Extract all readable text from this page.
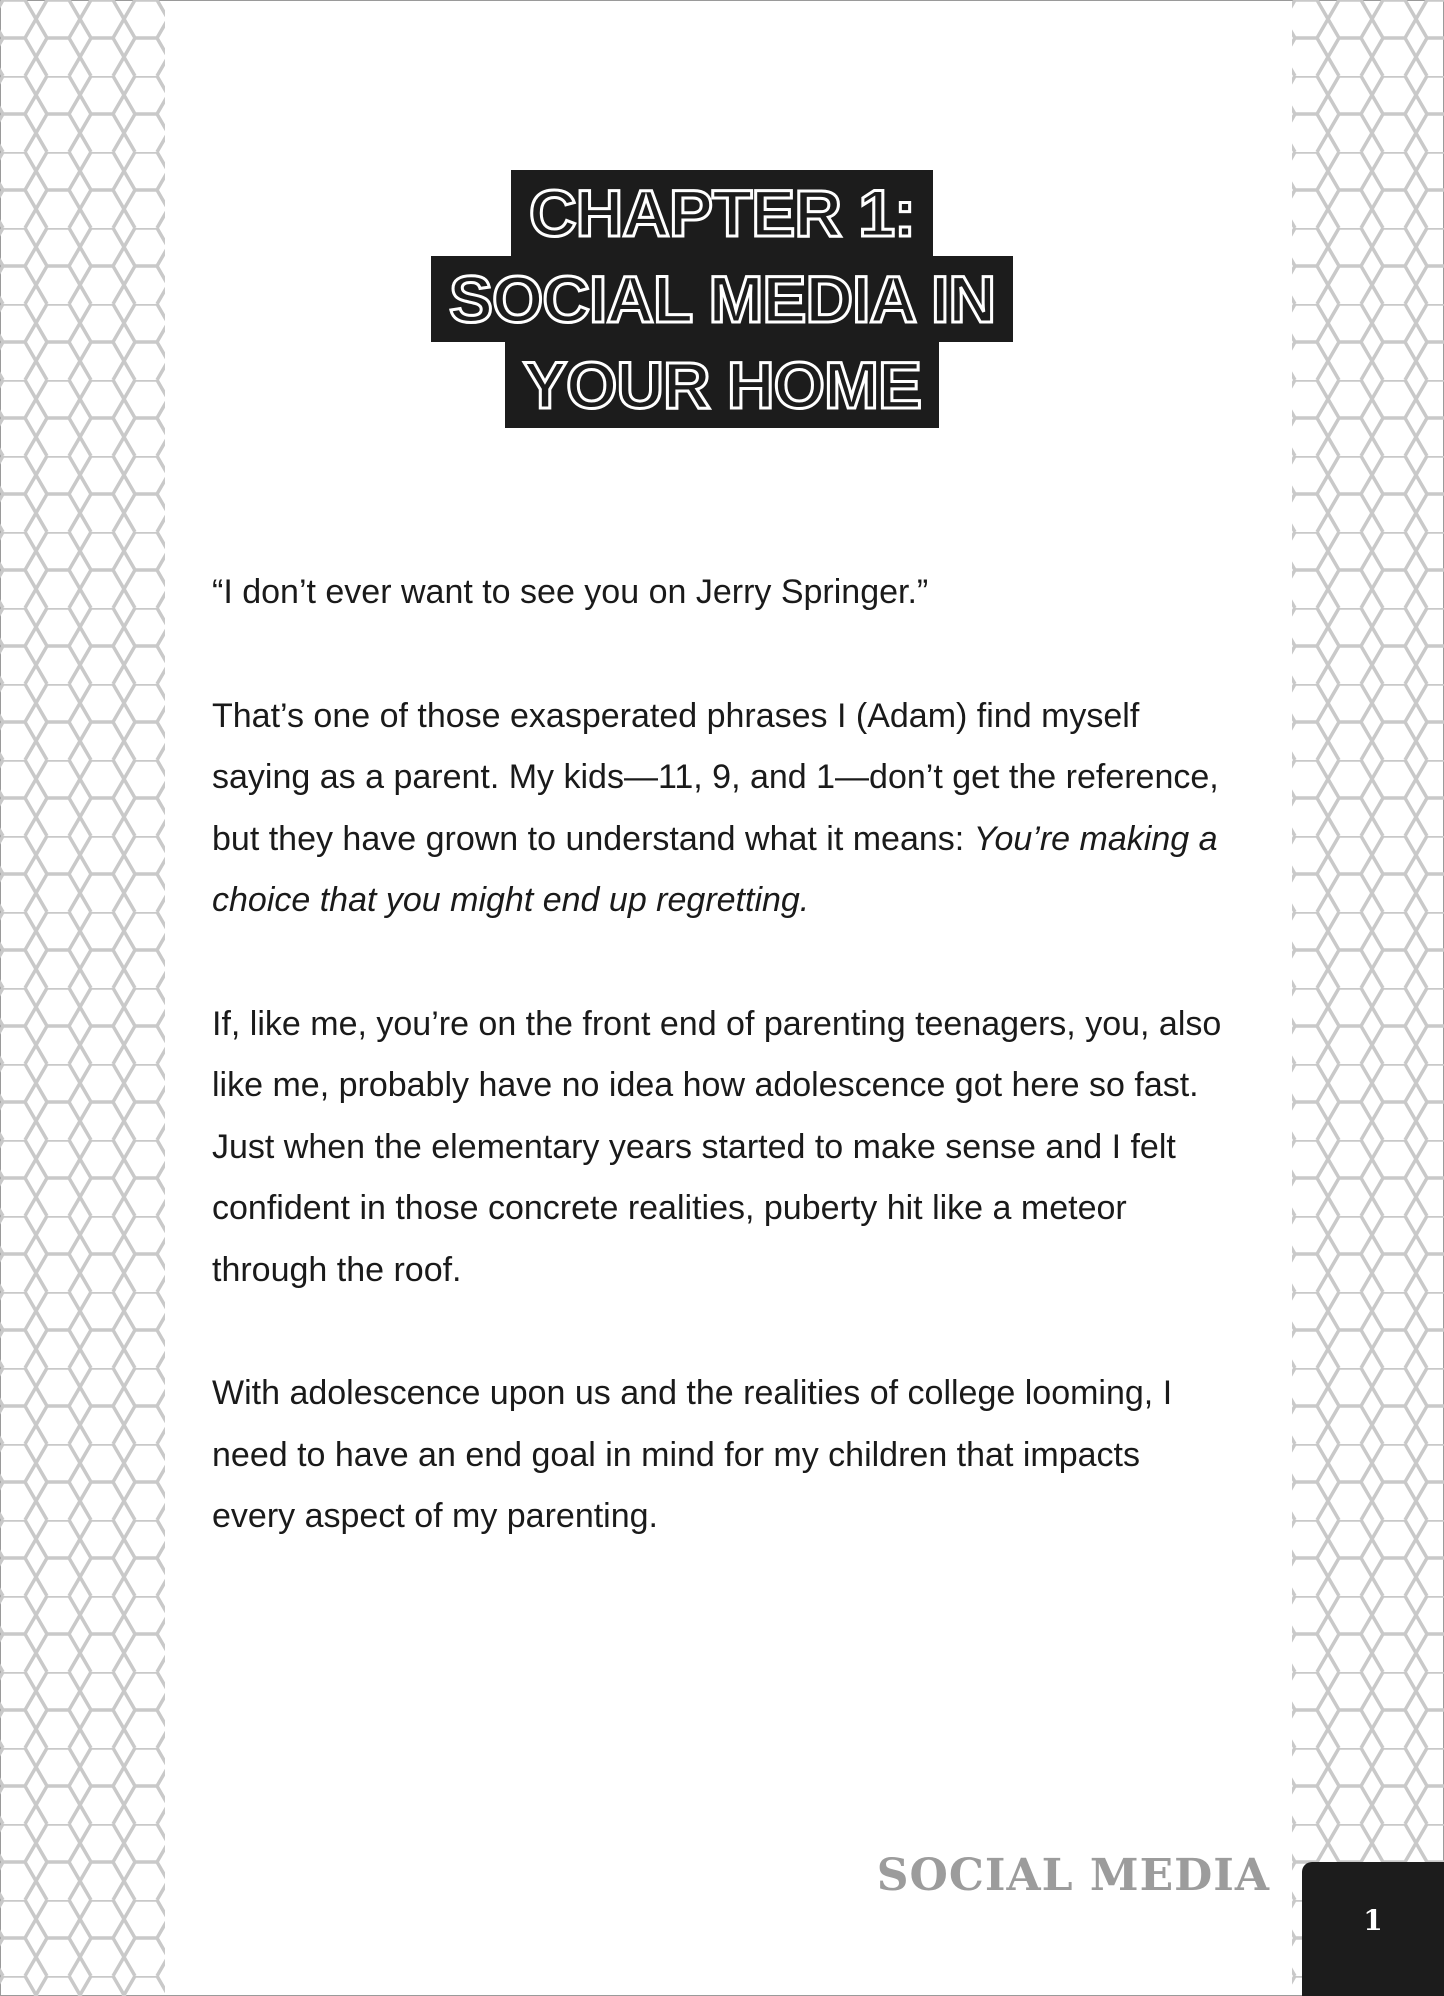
CHAPTER 1:
SOCIAL MEDIA IN
YOUR HOME

“I don’t ever want to see you on Jerry Springer.”

That’s one of those exasperated phrases I (Adam) find myself saying as a parent. My kids—11, 9, and 1—don’t get the reference, but they have grown to understand what it means: You’re making a choice that you might end up regretting.

If, like me, you’re on the front end of parenting teenagers, you, also like me, probably have no idea how adolescence got here so fast. Just when the elementary years started to make sense and I felt confident in those concrete realities, puberty hit like a meteor through the roof.

With adolescence upon us and the realities of college looming, I need to have an end goal in mind for my children that impacts every aspect of my parenting.

SOCIAL MEDIA
1
